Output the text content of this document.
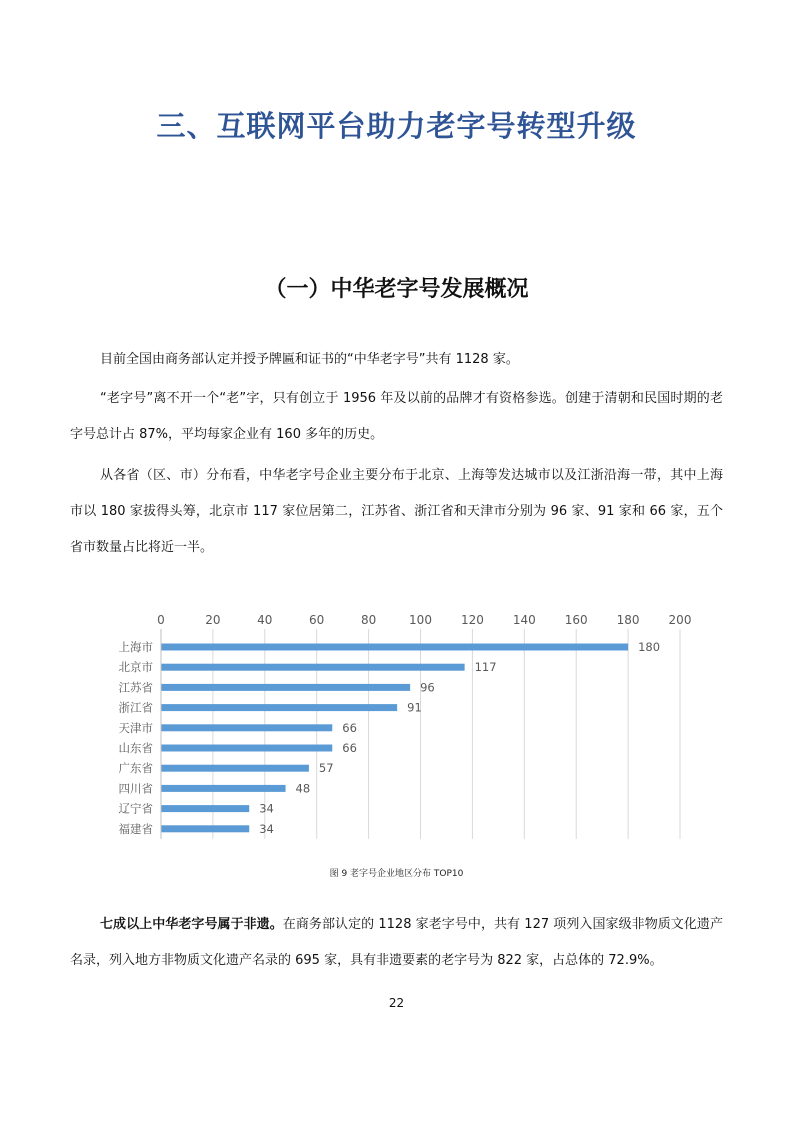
三、互联网平台助力老字号转型升级
（一）中华老字号发展概况
目前全国由商务部认定并授予牌匾和证书的“中华老字号”共有 1128 家。
“老字号”离不开一个“老”字，只有创立于 1956 年及以前的品牌才有资格参选。创建于清朝和民国时期的老字号总计占 87%，平均每家企业有 160 多年的历史。
从各省（区、市）分布看，中华老字号企业主要分布于北京、上海等发达城市以及江浙沿海一带，其中上海市以 180 家拔得头筹，北京市 117 家位居第二，江苏省、浙江省和天津市分别为 96 家、91 家和 66 家，五个省市数量占比将近一半。
0	20	40	60	80	100 120 140 160 180 200
上海市	180
北京市	117
江苏省	96
浙江省	91
天津市	66
山东省	66
广东省	57
四川省	48
辽宁省	34
福建省	34
图 9 老字号企业地区分布 TOP10
七成以上中华老字号属于非遗。在商务部认定的 1128 家老字号中，共有 127 项列入国家级非物质文化遗产名录，列入地方非物质文化遗产名录的 695 家，具有非遗要素的老字号为 822 家，占总体的 72.9%。
22
